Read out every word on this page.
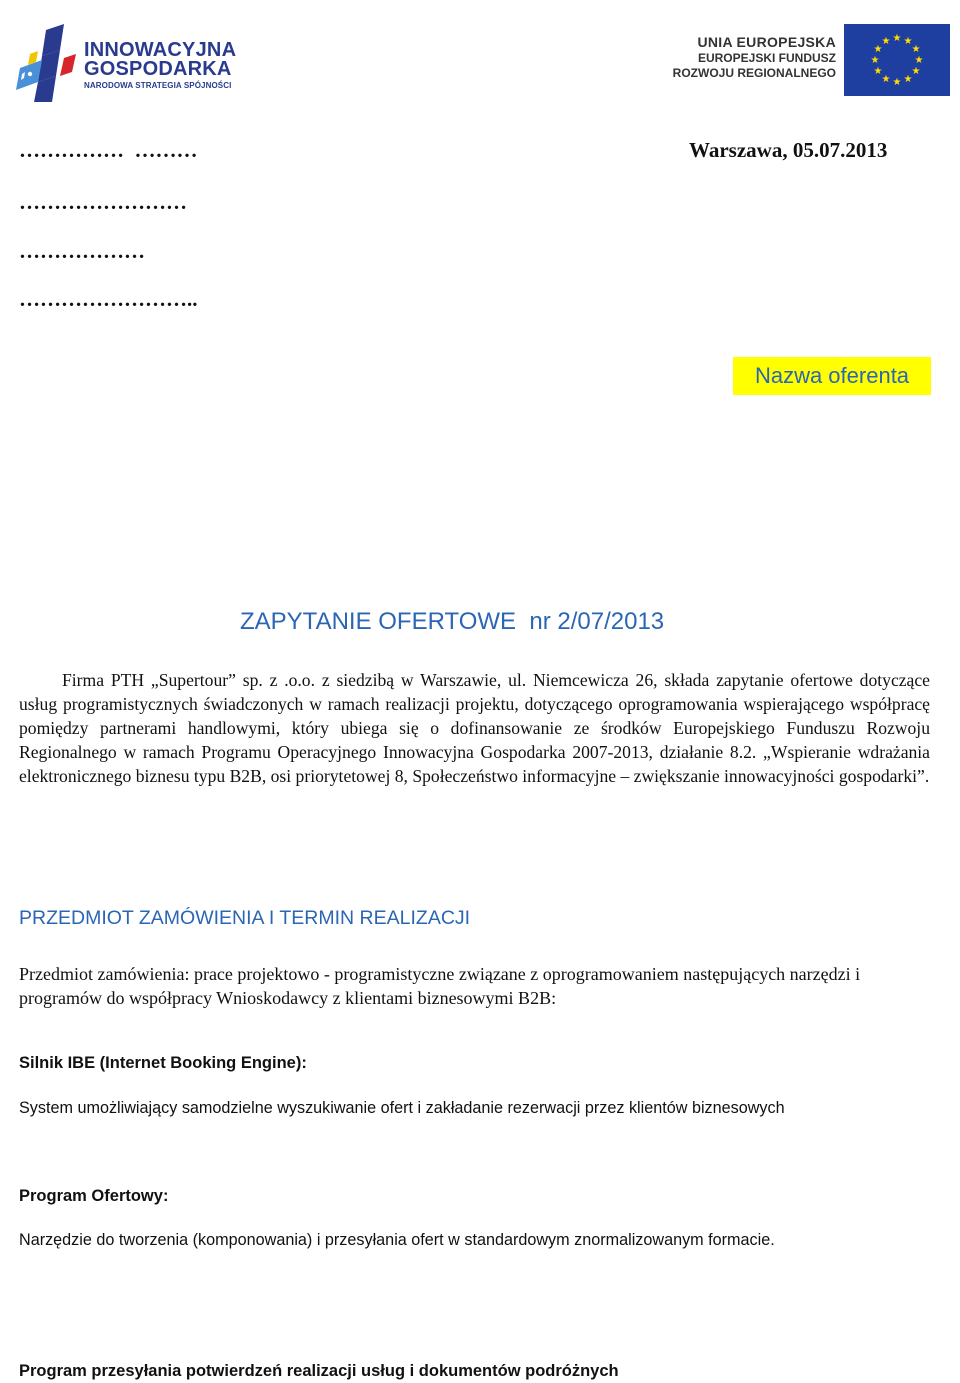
INNOWACYJNA
GOSPODARKA
NARODOWA STRATEGIA SPÓJNOŚCI
UNIA EUROPEJSKA
EUROPEJSKI FUNDUSZ
ROZWOJU REGIONALNEGO
★ ★
★
★
★
★
★
★
★
★
★
★
……………  ………	Warszawa, 05.07.2013
……………………
………………
……………………..
Nazwa oferenta
ZAPYTANIE OFERTOWE  nr 2/07/2013
Firma PTH „Supertour” sp. z .o.o. z siedzibą w Warszawie, ul. Niemcewicza 26, składa zapytanie ofertowe dotyczące usług programistycznych świadczonych w ramach realizacji projektu, dotyczącego oprogramowania wspierającego współpracę pomiędzy partnerami handlowymi, który ubiega się o dofinansowanie ze środków Europejskiego Funduszu Rozwoju Regionalnego w ramach Programu Operacyjnego Innowacyjna Gospodarka 2007-2013, działanie 8.2. „Wspieranie wdrażania elektronicznego biznesu typu B2B, osi priorytetowej 8, Społeczeństwo informacyjne – zwiększanie innowacyjności gospodarki”.
PRZEDMIOT ZAMÓWIENIA I TERMIN REALIZACJI
Przedmiot zamówienia: prace projektowo - programistyczne związane z oprogramowaniem następujących narzędzi i programów do współpracy Wnioskodawcy z klientami biznesowymi B2B:
Silnik IBE (Internet Booking Engine):
System umożliwiający samodzielne wyszukiwanie ofert i zakładanie rezerwacji przez klientów biznesowych
Program Ofertowy:
Narzędzie do tworzenia (komponowania) i przesyłania ofert w standardowym znormalizowanym formacie.
Program przesyłania potwierdzeń realizacji usług i dokumentów podróżnych
